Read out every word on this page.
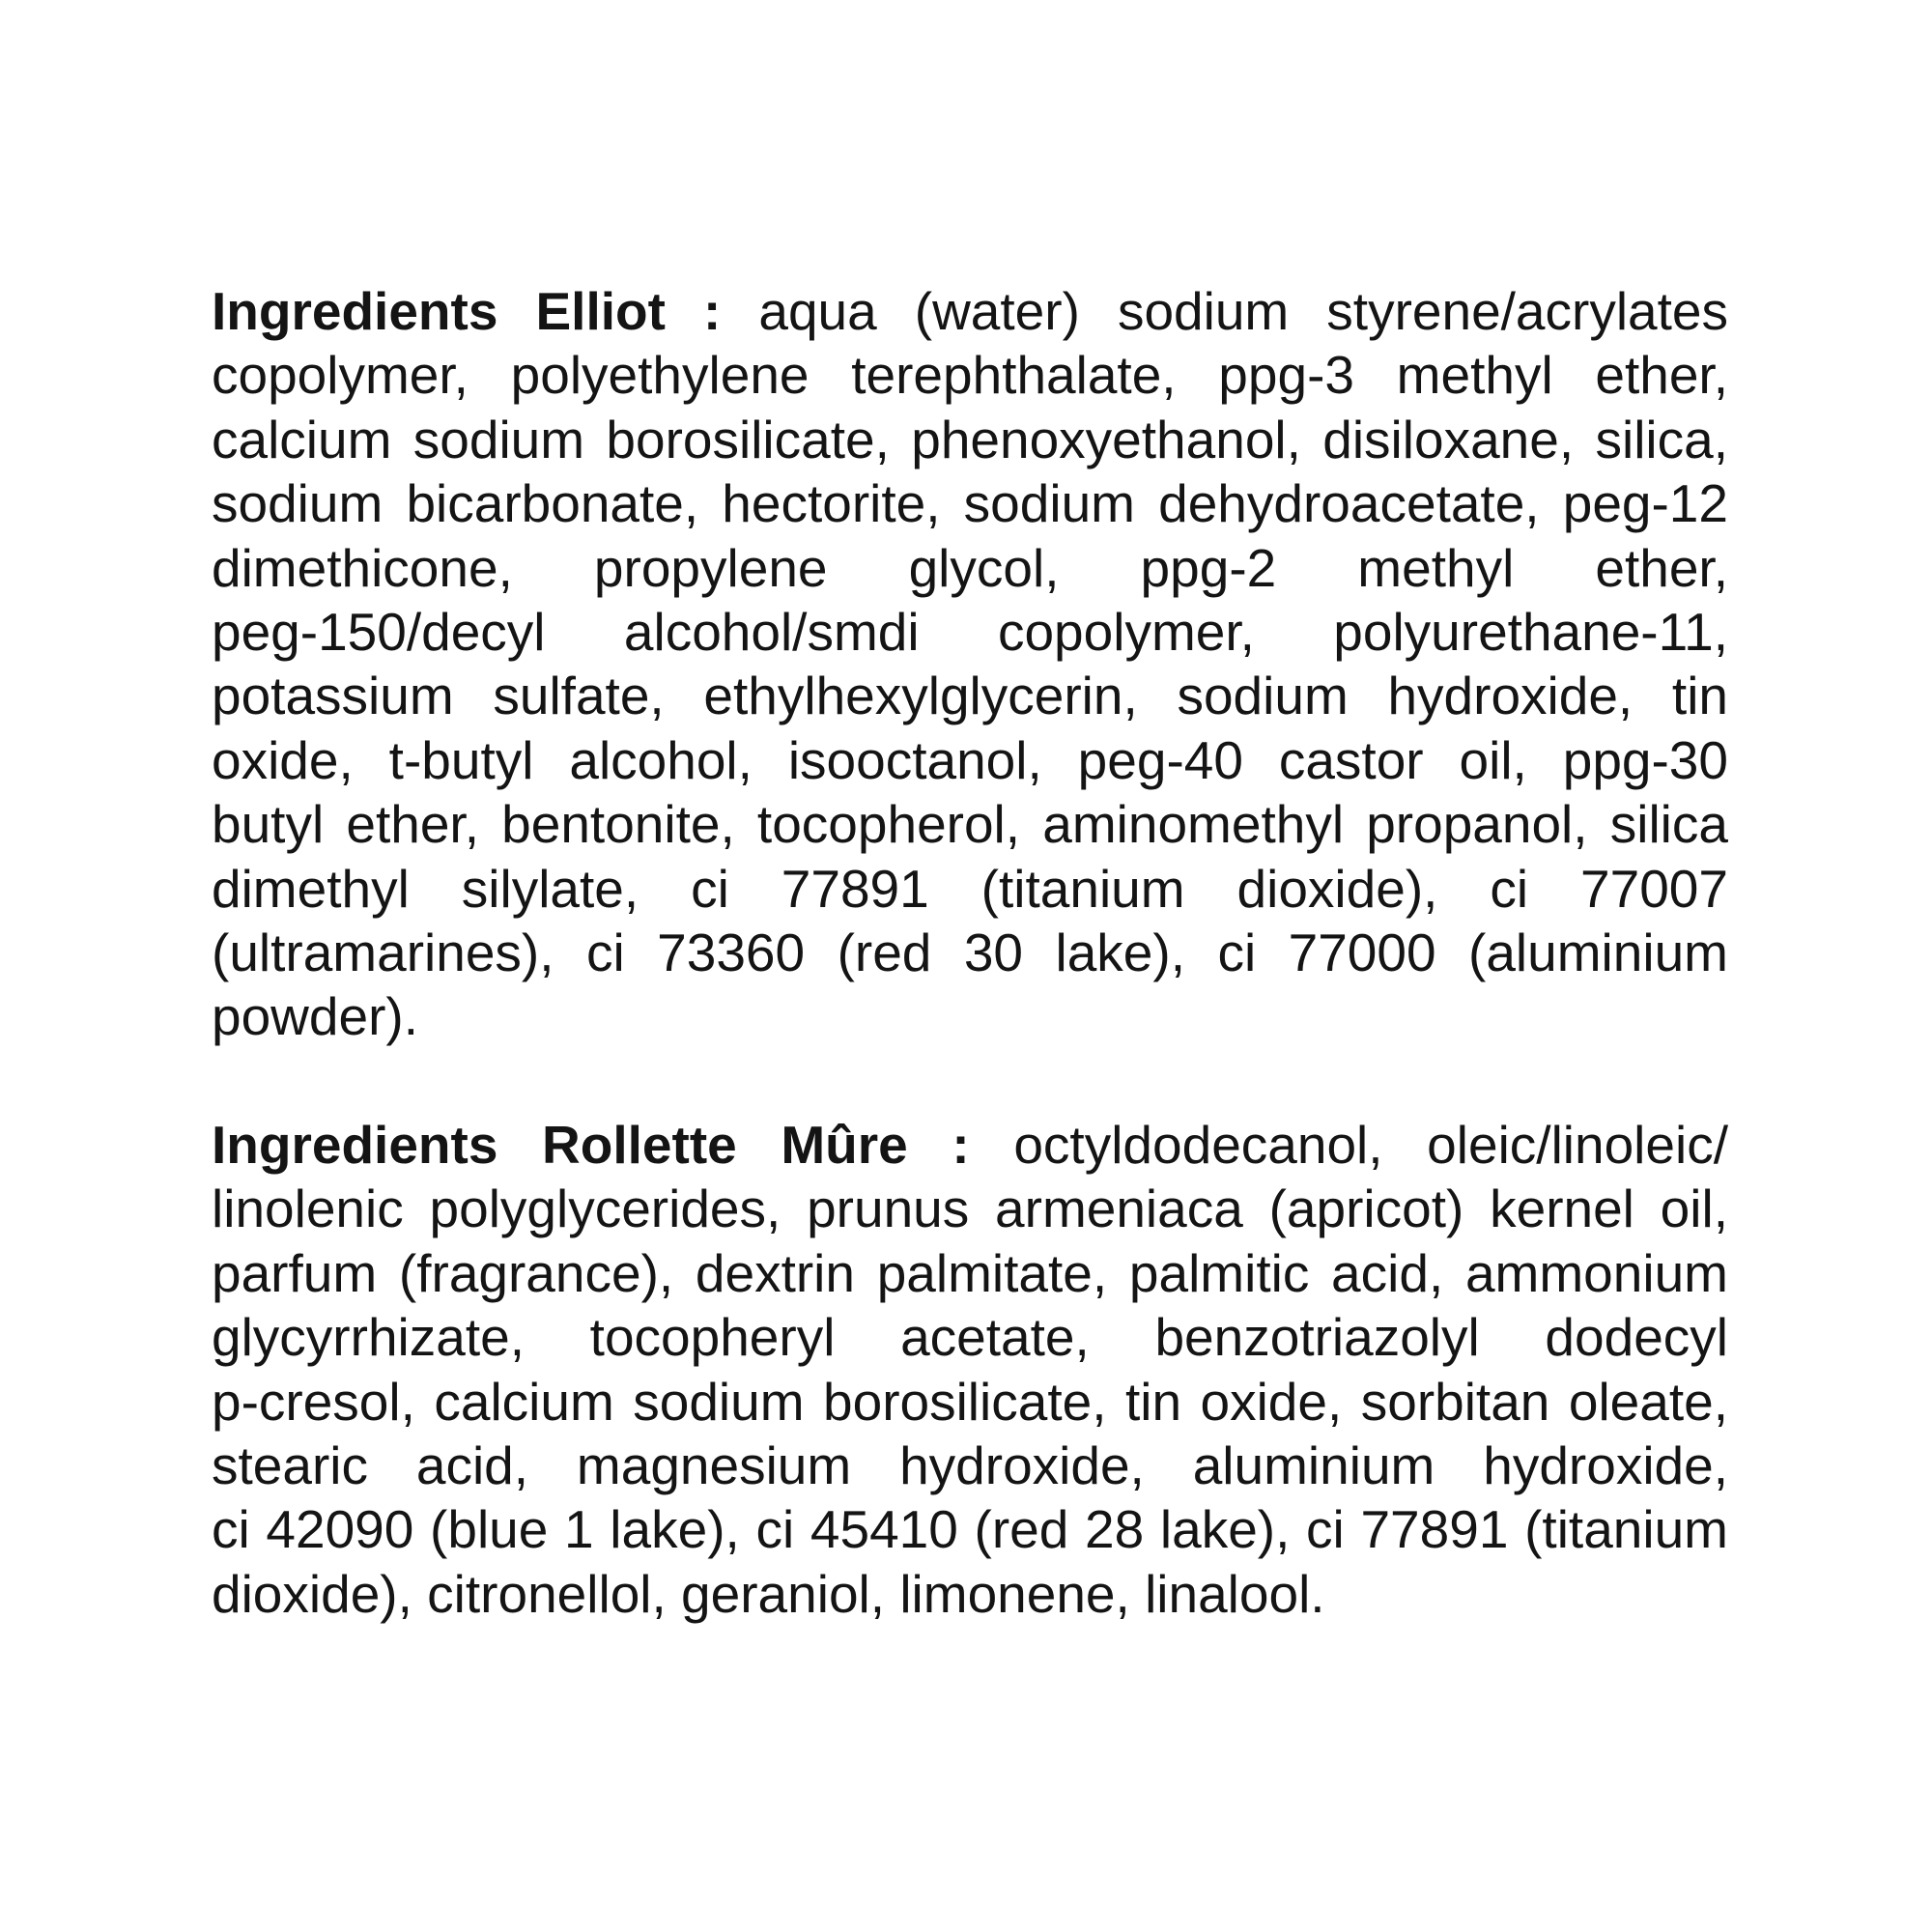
Ingredients Elliot : aqua (water) sodium styrene/acrylates
copolymer, polyethylene terephthalate, ppg-3 methyl ether,
calcium sodium borosilicate, phenoxyethanol, disiloxane, silica,
sodium bicarbonate, hectorite, sodium dehydroacetate, peg-12
dimethicone, propylene glycol, ppg-2 methyl ether,
peg-150/decyl alcohol/smdi copolymer, polyurethane-11,
potassium sulfate, ethylhexylglycerin, sodium hydroxide, tin
oxide, t-butyl alcohol, isooctanol, peg-40 castor oil, ppg-30
butyl ether, bentonite, tocopherol, aminomethyl propanol, silica
dimethyl silylate, ci 77891 (titanium dioxide), ci 77007
(ultramarines), ci 73360 (red 30 lake), ci 77000 (aluminium
powder).
Ingredients Rollette Mûre : octyldodecanol, oleic/linoleic/
linolenic polyglycerides, prunus armeniaca (apricot) kernel oil,
parfum (fragrance), dextrin palmitate, palmitic acid, ammonium
glycyrrhizate, tocopheryl acetate, benzotriazolyl dodecyl
p-cresol, calcium sodium borosilicate, tin oxide, sorbitan oleate,
stearic acid, magnesium hydroxide, aluminium hydroxide,
ci 42090 (blue 1 lake), ci 45410 (red 28 lake), ci 77891 (titanium
dioxide), citronellol, geraniol, limonene, linalool.
